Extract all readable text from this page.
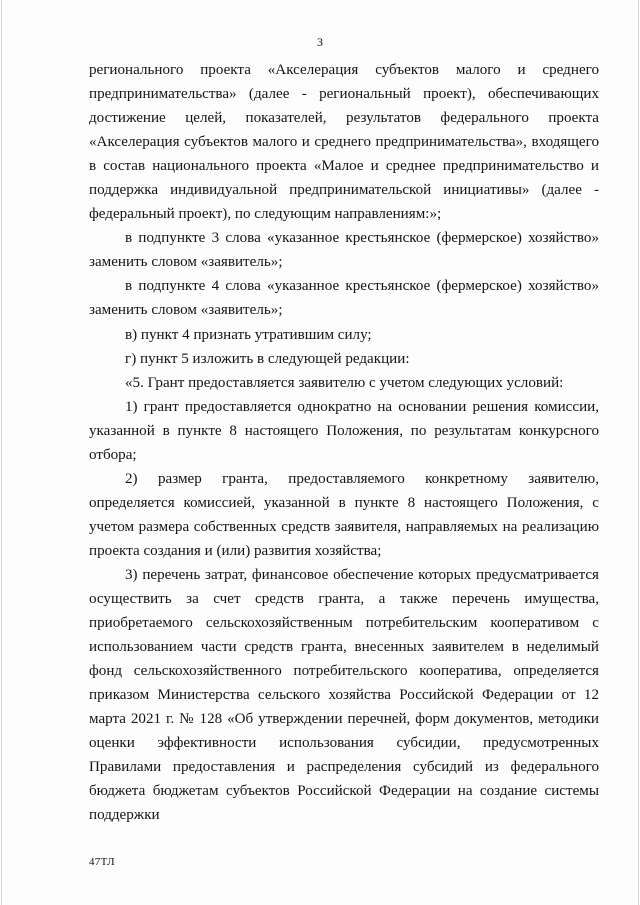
3

регионального проекта «Акселерация субъектов малого и среднего предпринимательства» (далее - региональный проект), обеспечивающих достижение целей, показателей, результатов федерального проекта «Акселерация субъектов малого и среднего предпринимательства», входящего в состав национального проекта «Малое и среднее предпринимательство и поддержка индивидуальной предпринимательской инициативы» (далее - федеральный проект), по следующим направлениям:»;

в подпункте 3 слова «указанное крестьянское (фермерское) хозяйство» заменить словом «заявитель»;

в подпункте 4 слова «указанное крестьянское (фермерское) хозяйство» заменить словом «заявитель»;

в) пункт 4 признать утратившим силу;

г) пункт 5 изложить в следующей редакции:

«5. Грант предоставляется заявителю с учетом следующих условий:

1) грант предоставляется однократно на основании решения комиссии, указанной в пункте 8 настоящего Положения, по результатам конкурсного отбора;

2) размер гранта, предоставляемого конкретному заявителю, определяется комиссией, указанной в пункте 8 настоящего Положения, с учетом размера собственных средств заявителя, направляемых на реализацию проекта создания и (или) развития хозяйства;

3) перечень затрат, финансовое обеспечение которых предусматривается осуществить за счет средств гранта, а также перечень имущества, приобретаемого сельскохозяйственным потребительским кооперативом с использованием части средств гранта, внесенных заявителем в неделимый фонд сельскохозяйственного потребительского кооператива, определяется приказом Министерства сельского хозяйства Российской Федерации от 12 марта 2021 г. № 128 «Об утверждении перечней, форм документов, методики оценки эффективности использования субсидии, предусмотренных Правилами предоставления и распределения субсидий из федерального бюджета бюджетам субъектов Российской Федерации на создание системы поддержки

47ТЛ
